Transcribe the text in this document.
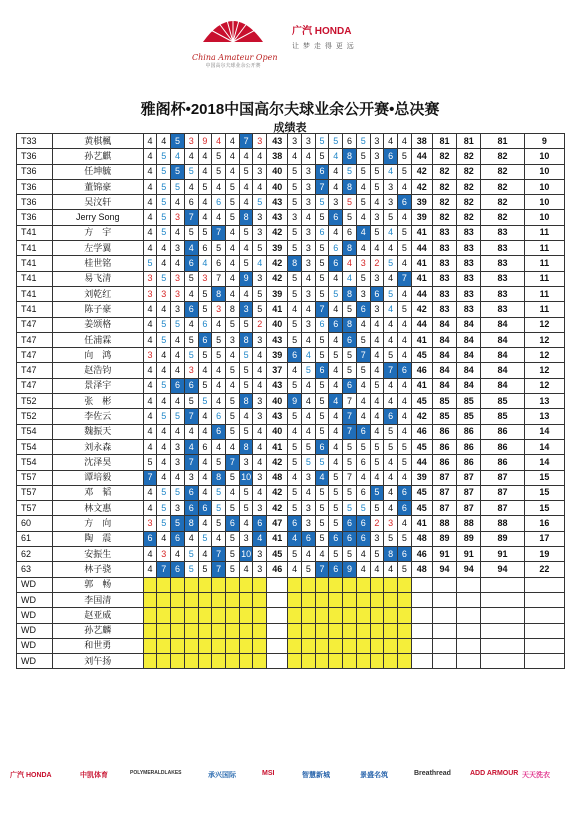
China Amateur Open
中国高尔夫球业余公开赛
广汽 HONDA
让 梦 走 得 更 远
雅阁杯•2018中国高尔夫球业余公开赛•总决赛
成绩表
T33	黄棋楓	4	4	5	3	9	4	4	7	3	43	3	3	5	5	6	5	3	4	4	38	81	81	81	9
T36	孙艺麒	4	5	4	4	4	5	4	4	4	38	4	4	5	4	8	5	3	6	5	44	82	82	82	10
T36	任坤毓	4	5	5	5	4	5	4	5	3	40	5	3	6	4	5	5	5	4	5	42	82	82	82	10
T36	董锦豪	4	5	5	4	5	4	5	4	4	40	5	3	7	4	8	4	5	3	4	42	82	82	82	10
T36	吴汶轩	4	5	4	6	4	6	5	4	5	43	5	3	5	3	5	5	4	3	6	39	82	82	82	10
T36	Jerry Song	4	5	3	7	4	4	5	8	3	43	3	4	5	6	5	4	3	5	4	39	82	82	82	10
T41	方　宇	4	5	4	5	5	7	4	5	3	42	5	3	6	4	6	4	5	4	5	41	83	83	83	11
T41	左学翼	4	4	3	4	6	5	4	4	5	39	5	3	5	6	8	4	4	4	5	44	83	83	83	11
T41	桂世铭	5	4	4	6	4	6	4	5	4	42	8	3	5	6	4	3	2	5	4	41	83	83	83	11
T41	易飞清	3	5	3	5	3	7	4	9	3	42	5	4	5	4	4	5	3	4	7	41	83	83	83	11
T41	刘乾红	3	3	3	4	5	8	4	4	5	39	5	3	5	5	8	3	6	5	4	44	83	83	83	11
T41	陈子豪	4	4	3	6	5	3	8	3	5	41	4	4	7	4	5	6	3	4	5	42	83	83	83	11
T47	姜颂格	4	5	5	4	6	4	5	5	2	40	5	3	6	6	8	4	4	4	4	44	84	84	84	12
T47	任浦霖	4	5	4	5	6	5	3	8	3	43	5	4	5	4	6	5	4	4	4	41	84	84	84	12
T47	向　鸿	3	4	4	5	5	5	4	5	4	39	6	4	5	5	5	7	4	5	4	45	84	84	84	12
T47	赵浩钧	4	4	4	3	4	4	5	5	4	37	4	5	6	4	5	5	4	7	6	46	84	84	84	12
T47	景泽宇	4	5	6	6	5	4	4	5	4	43	5	4	5	4	6	4	5	4	4	41	84	84	84	12
T52	张　彬	4	4	4	5	5	4	5	8	3	40	9	4	5	4	7	4	4	4	4	45	85	85	85	13
T52	李佐云	4	5	5	7	4	6	5	4	3	43	5	4	5	4	7	4	4	6	4	42	85	85	85	13
T54	魏振天	4	4	4	4	4	6	5	5	4	40	4	4	5	4	7	6	4	5	4	46	86	86	86	14
T54	刘永森	4	4	3	4	6	4	4	8	4	41	5	5	6	4	5	5	5	5	5	45	86	86	86	14
T54	沈泽昊	5	4	3	7	4	5	7	3	4	42	5	5	5	4	5	6	5	4	5	44	86	86	86	14
T57	谭培毅	7	4	4	3	4	8	5	10	3	48	4	3	4	5	7	4	4	4	4	39	87	87	87	15
T57	邓　韬	4	5	5	6	4	5	4	5	4	42	5	4	5	5	5	6	5	4	6	45	87	87	87	15
T57	林文惠	4	5	3	6	6	5	5	5	3	42	5	3	5	5	5	5	5	4	6	45	87	87	87	15
60	方　向	3	5	5	8	4	5	6	4	6	47	6	3	5	5	6	6	2	3	4	41	88	88	88	16
61	陶　震	6	4	6	4	5	4	5	3	4	41	4	6	5	6	6	6	3	5	5	48	89	89	89	17
62	安振生	4	3	4	5	4	7	5	10	3	45	5	4	4	5	5	4	5	8	6	46	91	91	91	19
63	林子骁	4	7	6	5	5	7	5	4	3	46	4	5	7	6	9	4	4	4	5	48	94	94	94	22
WD	郭　畅																								
WD	李国清																								
WD	赵亚威																								
WD	孙艺麟																								
WD	和世勇																								
WD	刘午扬																								
广汽 HONDA	中凯体育	POLYMERALDLAKES	承兴国际	MSI	智慧新城	景盛名筑	Breathread	ADD ARMOUR 天天洗衣
